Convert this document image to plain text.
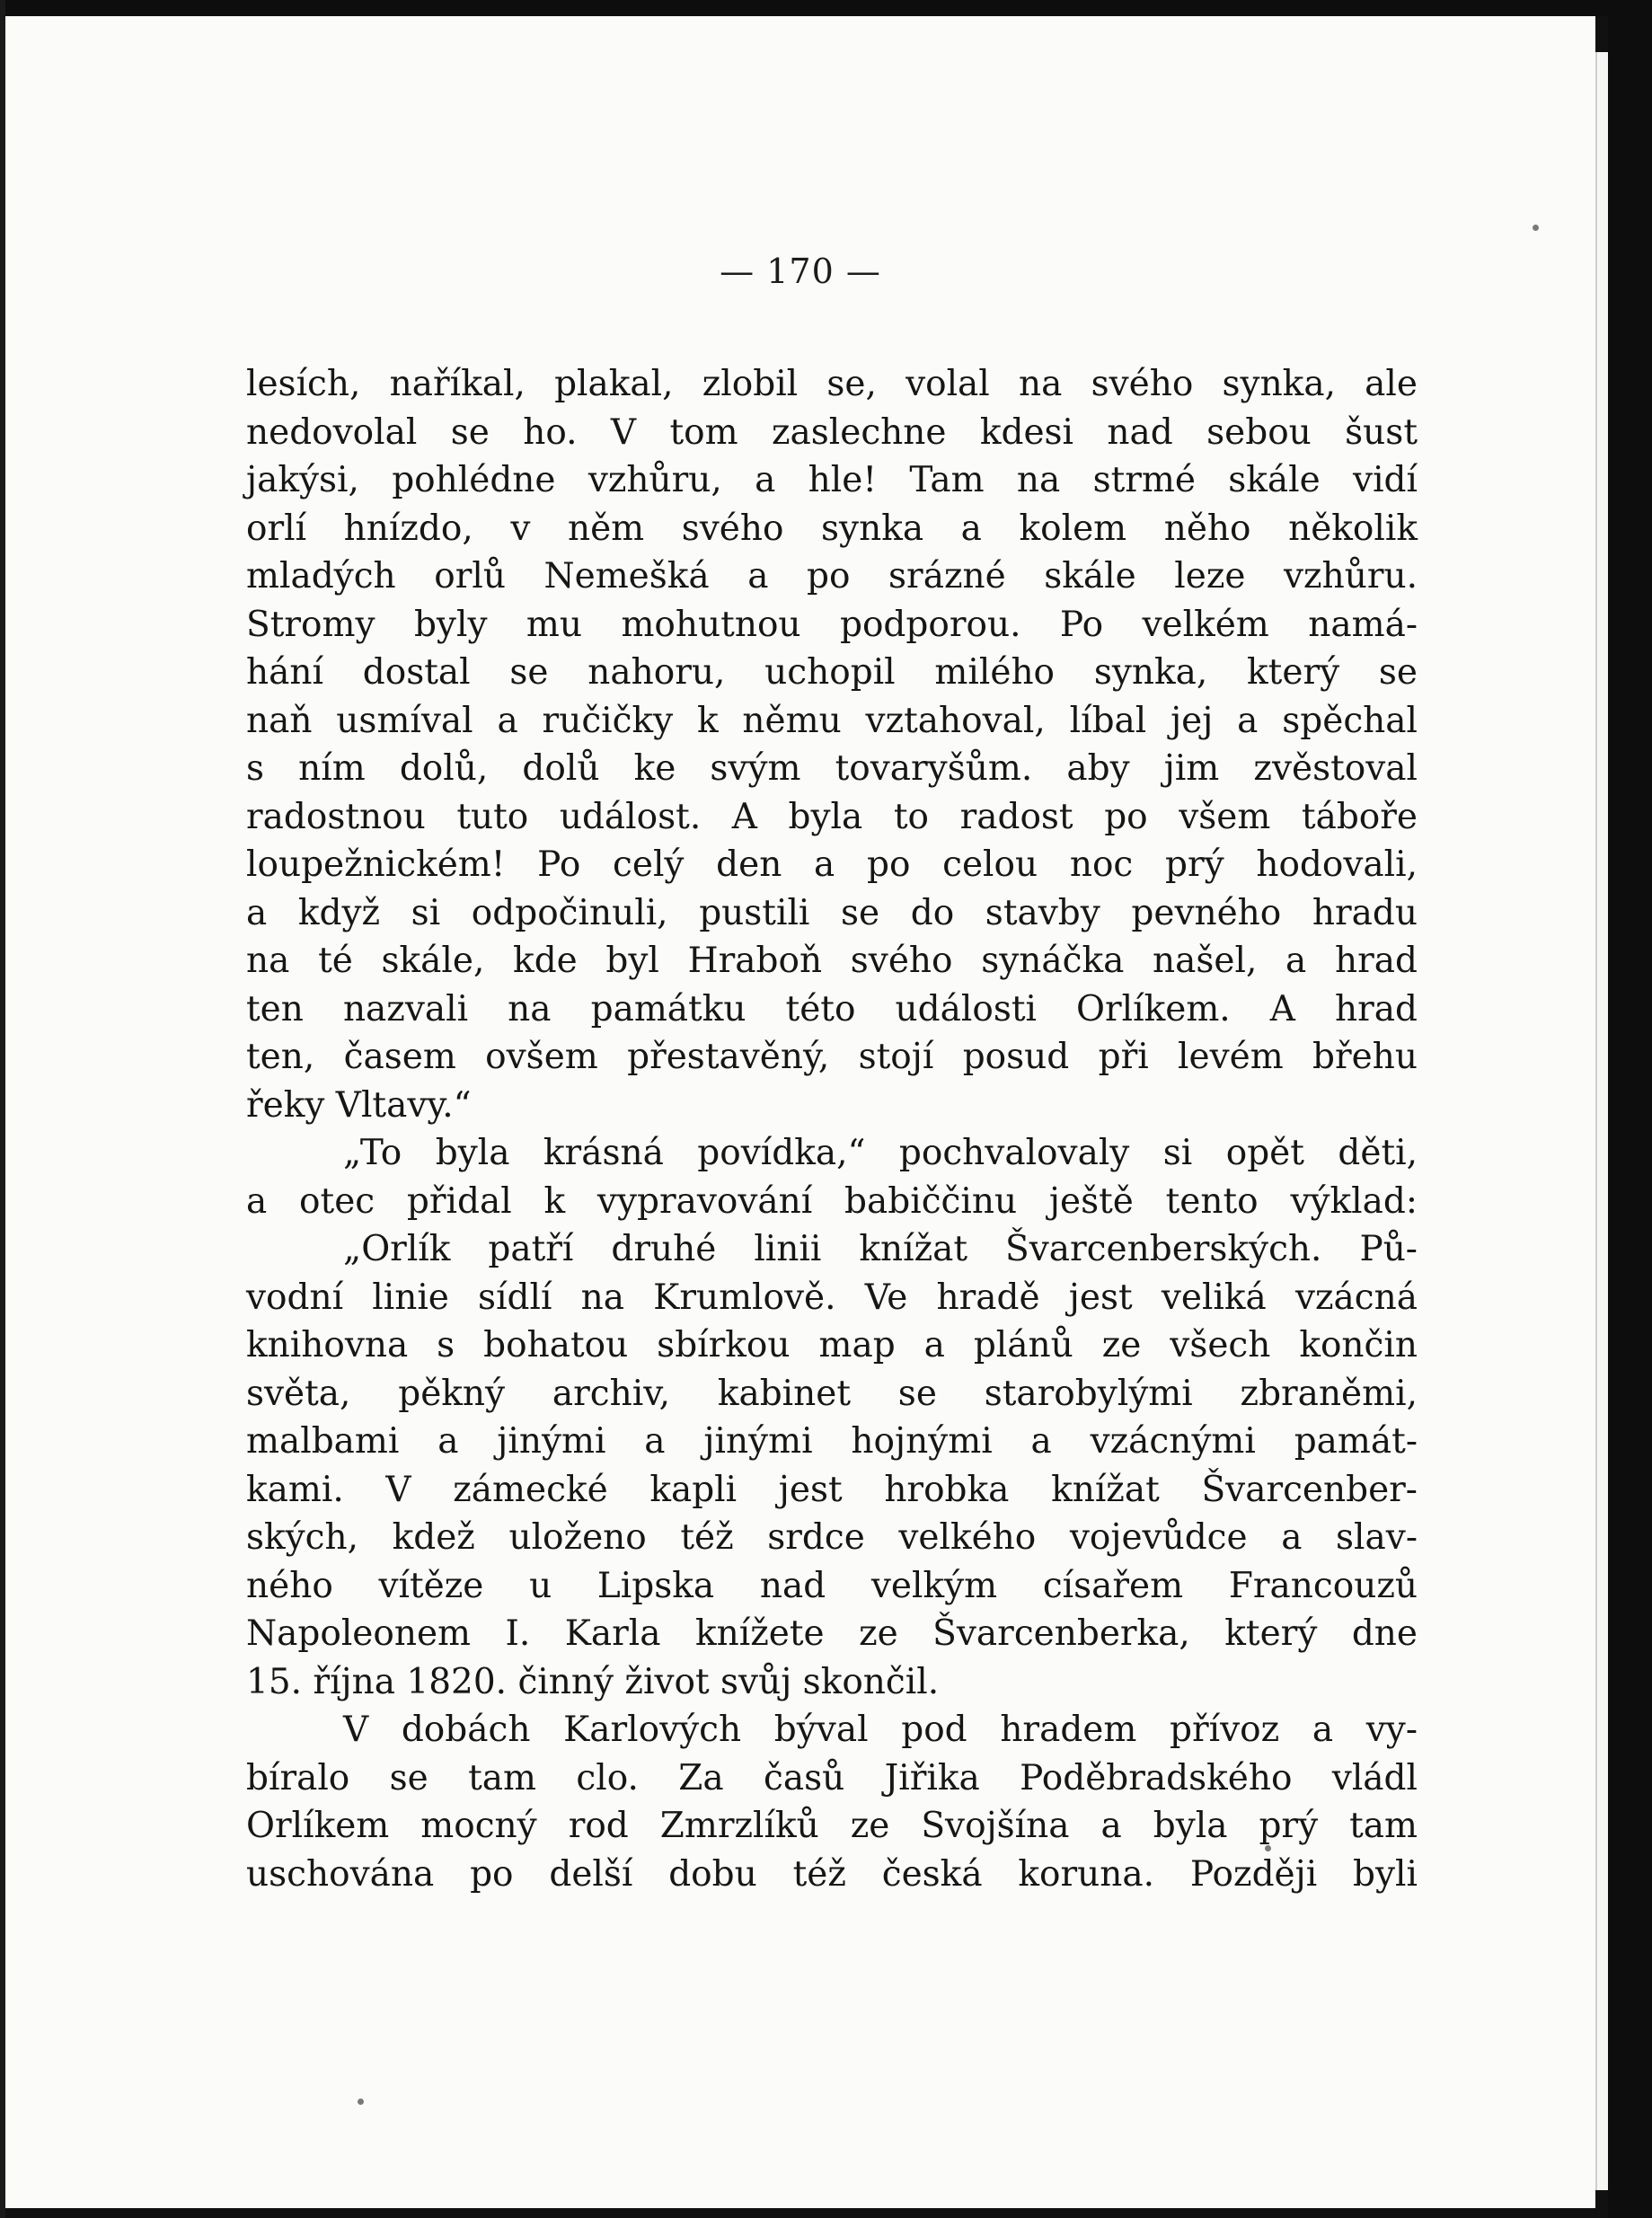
— 170 —
lesích, naříkal, plakal, zlobil se, volal na svého synka, ale
nedovolal se ho. V tom zaslechne kdesi nad sebou šust
jakýsi, pohlédne vzhůru, a hle! Tam na strmé skále vidí
orlí hnízdo, v něm svého synka a kolem něho několik
mladých orlů Nemešká a po srázné skále leze vzhůru.
Stromy byly mu mohutnou podporou. Po velkém namá-
hání dostal se nahoru, uchopil milého synka, který se
naň usmíval a ručičky k němu vztahoval, líbal jej a spěchal
s ním dolů, dolů ke svým tovaryšům. aby jim zvěstoval
radostnou tuto událost. A byla to radost po všem táboře
loupežnickém! Po celý den a po celou noc prý hodovali,
a když si odpočinuli, pustili se do stavby pevného hradu
na té skále, kde byl Hraboň svého synáčka našel, a hrad
ten nazvali na památku této události Orlíkem. A hrad
ten, časem ovšem přestavěný, stojí posud při levém břehu
řeky Vltavy.“
„To byla krásná povídka,“ pochvalovaly si opět děti,
a otec přidal k vypravování babiččinu ještě tento výklad:
„Orlík patří druhé linii knížat Švarcenberských. Pů-
vodní linie sídlí na Krumlově. Ve hradě jest veliká vzácná
knihovna s bohatou sbírkou map a plánů ze všech končin
světa, pěkný archiv, kabinet se starobylými zbraněmi,
malbami a jinými a jinými hojnými a vzácnými památ-
kami. V zámecké kapli jest hrobka knížat Švarcenber-
ských, kdež uloženo též srdce velkého vojevůdce a slav-
ného vítěze u Lipska nad velkým císařem Francouzů
Napoleonem I. Karla knížete ze Švarcenberka, který dne
15. října 1820. činný život svůj skončil.
V dobách Karlových býval pod hradem přívoz a vy-
bíralo se tam clo. Za časů Jiřika Poděbradského vládl
Orlíkem mocný rod Zmrzlíků ze Svojšína a byla prý tam
uschována po delší dobu též česká koruna. Později byli
